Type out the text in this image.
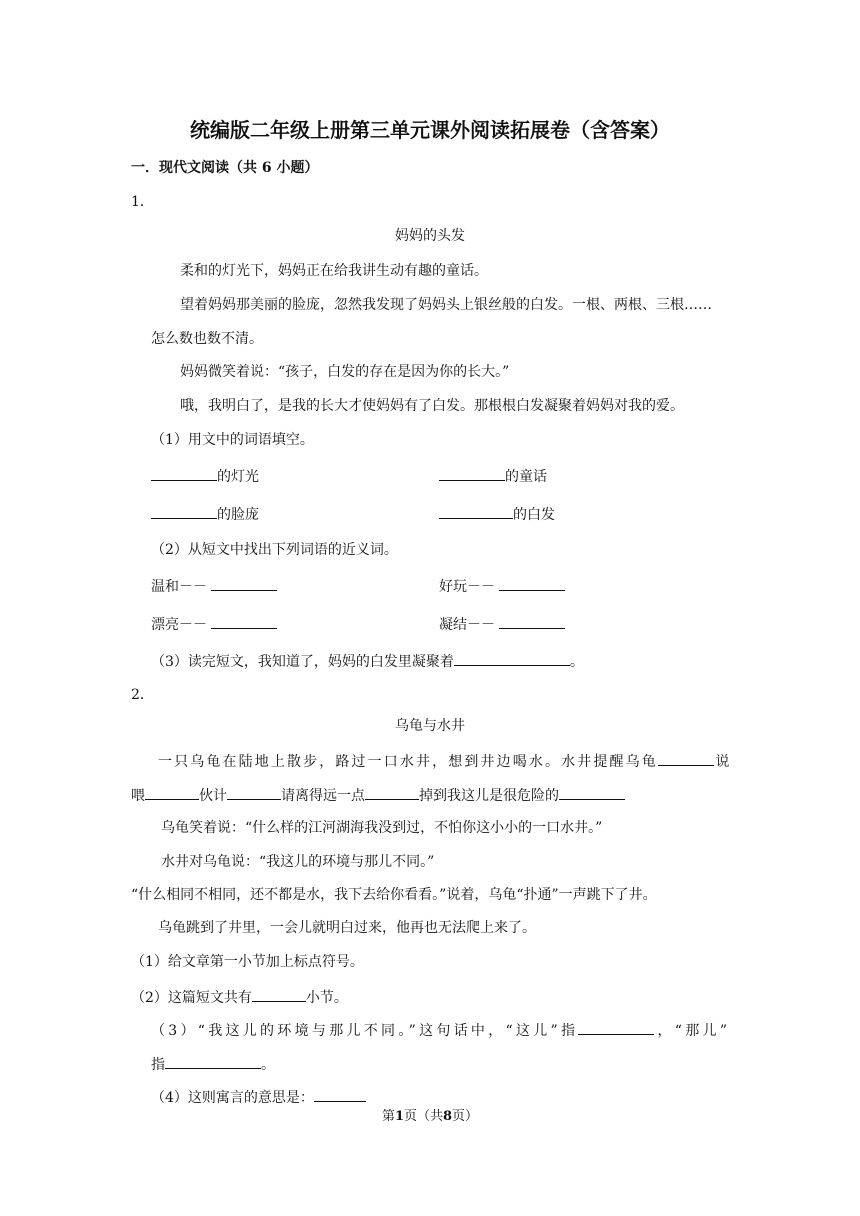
统编版二年级上册第三单元课外阅读拓展卷（含答案）
一．现代文阅读（共 6 小题）
1．
妈妈的头发
柔和的灯光下，妈妈正在给我讲生动有趣的童话。
望着妈妈那美丽的脸庞，忽然我发现了妈妈头上银丝般的白发。一根、两根、三根……
怎么数也数不清。
妈妈微笑着说：“孩子，白发的存在是因为你的长大。”
哦，我明白了，是我的长大才使妈妈有了白发。那根根白发凝聚着妈妈对我的爱。
（1）用文中的词语填空。
的灯光	的童话
的脸庞	的白发
（2）从短文中找出下列词语的近义词。
温和－－	好玩－－
漂亮－－	凝结－－
（3）读完短文，我知道了，妈妈的白发里凝聚着	。
2．
乌龟与水井
一只乌龟在陆地上散步，路过一口水井，想到井边喝水。水井提醒乌龟	说
喂	伙计	请离得远一点	掉到我这儿是很危险的
乌龟笑着说：“什么样的江河湖海我没到过，不怕你这小小的一口水井。”
水井对乌龟说：“我这儿的环境与那儿不同。”
“什么相同不相同，还不都是水，我下去给你看看。”说着，乌龟“扑通”一声跳下了井。
乌龟跳到了井里，一会儿就明白过来，他再也无法爬上来了。
（1）给文章第一小节加上标点符号。
（2）这篇短文共有	小节。
（3）“我这儿的环境与那儿不同。”这句话中，“这儿”指	，“那儿”
指	。
（4）这则寓言的意思是：
第1页（共8页）
